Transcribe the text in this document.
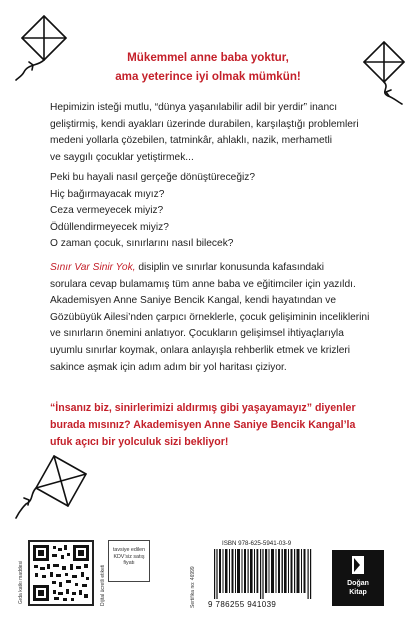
Mükemmel anne baba yoktur,
ama yeterince iyi olmak mümkün!
Hepimizin isteği mutlu, “dünya yaşanılabilir adil bir yerdir” inancı
geliştirmiş, kendi ayakları üzerinde durabilen, karşılaştığı problemleri
medeni yollarla çözebilen, tatminkâr, ahlaklı, nazik, merhametli
ve saygılı çocuklar yetiştirmek...
Peki bu hayali nasıl gerçeğe dönüştüreceğiz?
Hiç bağırmayacak mıyız?
Ceza vermeyecek miyiz?
Ödüllendirmeyecek miyiz?
O zaman çocuk, sınırlarını nasıl bilecek?
Sınır Var Sinir Yok, disiplin ve sınırlar konusunda kafasındaki
sorulara cevap bulamamış tüm anne baba ve eğitimciler için yazıldı.
Akademisyen Anne Saniye Bencik Kangal, kendi hayatından ve
Gözübüyük Ailesi’nden çarpıcı örneklerle, çocuk gelişiminin inceliklerini
ve sınırların önemini anlatıyor. Çocukların gelişimsel ihtiyaçlarıyla
uyumlu sınırlar koymak, onlara anlayışla rehberlik etmek ve krizleri
sakince aşmak için adım adım bir yol haritası çiziyor.
“İnsanız biz, sinirlerimizi aldırmış gibi yaşayamayız” diyenler
burada mısınız? Akademisyen Anne Saniye Bencik Kangal’la
ufuk açıcı bir yolculuk sizi bekliyor!
Gıda katkı maddesi	Dijital ücretli etiketi
tavsiye edilen KDV’siz satış fiyatı
Sertifika no: 46999
ISBN 978-625-5941-03-9
9 786255 941039
Doğan
Kitap
